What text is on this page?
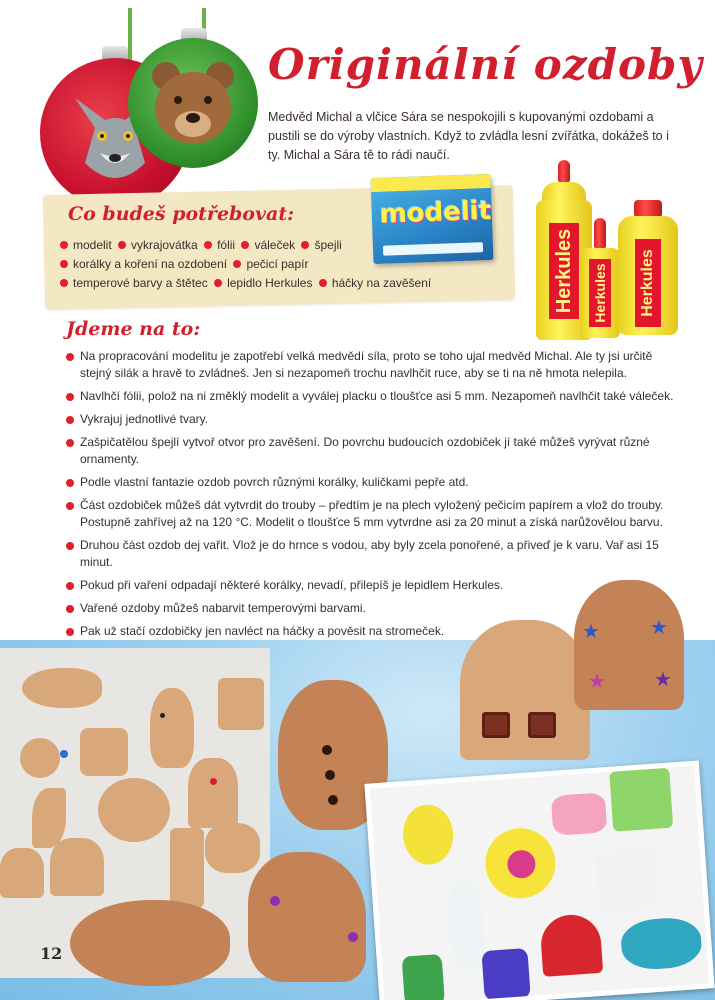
Originální ozdoby

Medvěd Michal a vlčice Sára se nespokojili s kupovanými ozdobami a pustili se do výroby vlastních. Když to zvládla lesní zvířátka, dokážeš to i ty. Michal a Sára tě to rádi naučí.

Co budeš potřebovat:
modelit vykrajovátka fólii váleček špejli
korálky a koření na ozdobení pečicí papír
temperové barvy a štětec lepidlo Herkules háčky na zavěšení
modelit
Herkules Herkules Herkules
Jdeme na to:
Na propracování modelitu je zapotřebí velká medvědí síla, proto se toho ujal medvěd Michal. Ale ty jsi určitě stejný silák a hravě to zvládneš. Jen si nezapomeň trochu navlhčit ruce, aby se ti na ně hmota nelepila.
Navlhčí fólii, polož na ni změklý modelit a vyválej placku o tloušťce asi 5 mm. Nezapomeň navlhčit také váleček.
Vykrajuj jednotlivé tvary.
Zašpičatělou špejlí vytvoř otvor pro zavěšení. Do povrchu budoucích ozdobiček jí také můžeš vyrývat různé ornamenty.
Podle vlastní fantazie ozdob povrch různými korálky, kuličkami pepře atd.
Část ozdobiček můžeš dát vytvrdit do trouby – předtím je na plech vyložený pečicím papírem a vlož do trouby. Postupně zahřívej až na 120 °C. Modelit o tloušťce 5 mm vytvrdne asi za 20 minut a získá narůžovělou barvu.
Druhou část ozdob dej vařit. Vlož je do hrnce s vodou, aby byly zcela ponořené, a přiveď je k varu. Vař asi 15 minut.
Pokud při vaření odpadají některé korálky, nevadí, přilepíš je lepidlem Herkules.
Vařené ozdoby můžeš nabarvit temperovými barvami.
Pak už stačí ozdobičky jen navléct na háčky a pověsit na stromeček.	★	★
★ ★
12
